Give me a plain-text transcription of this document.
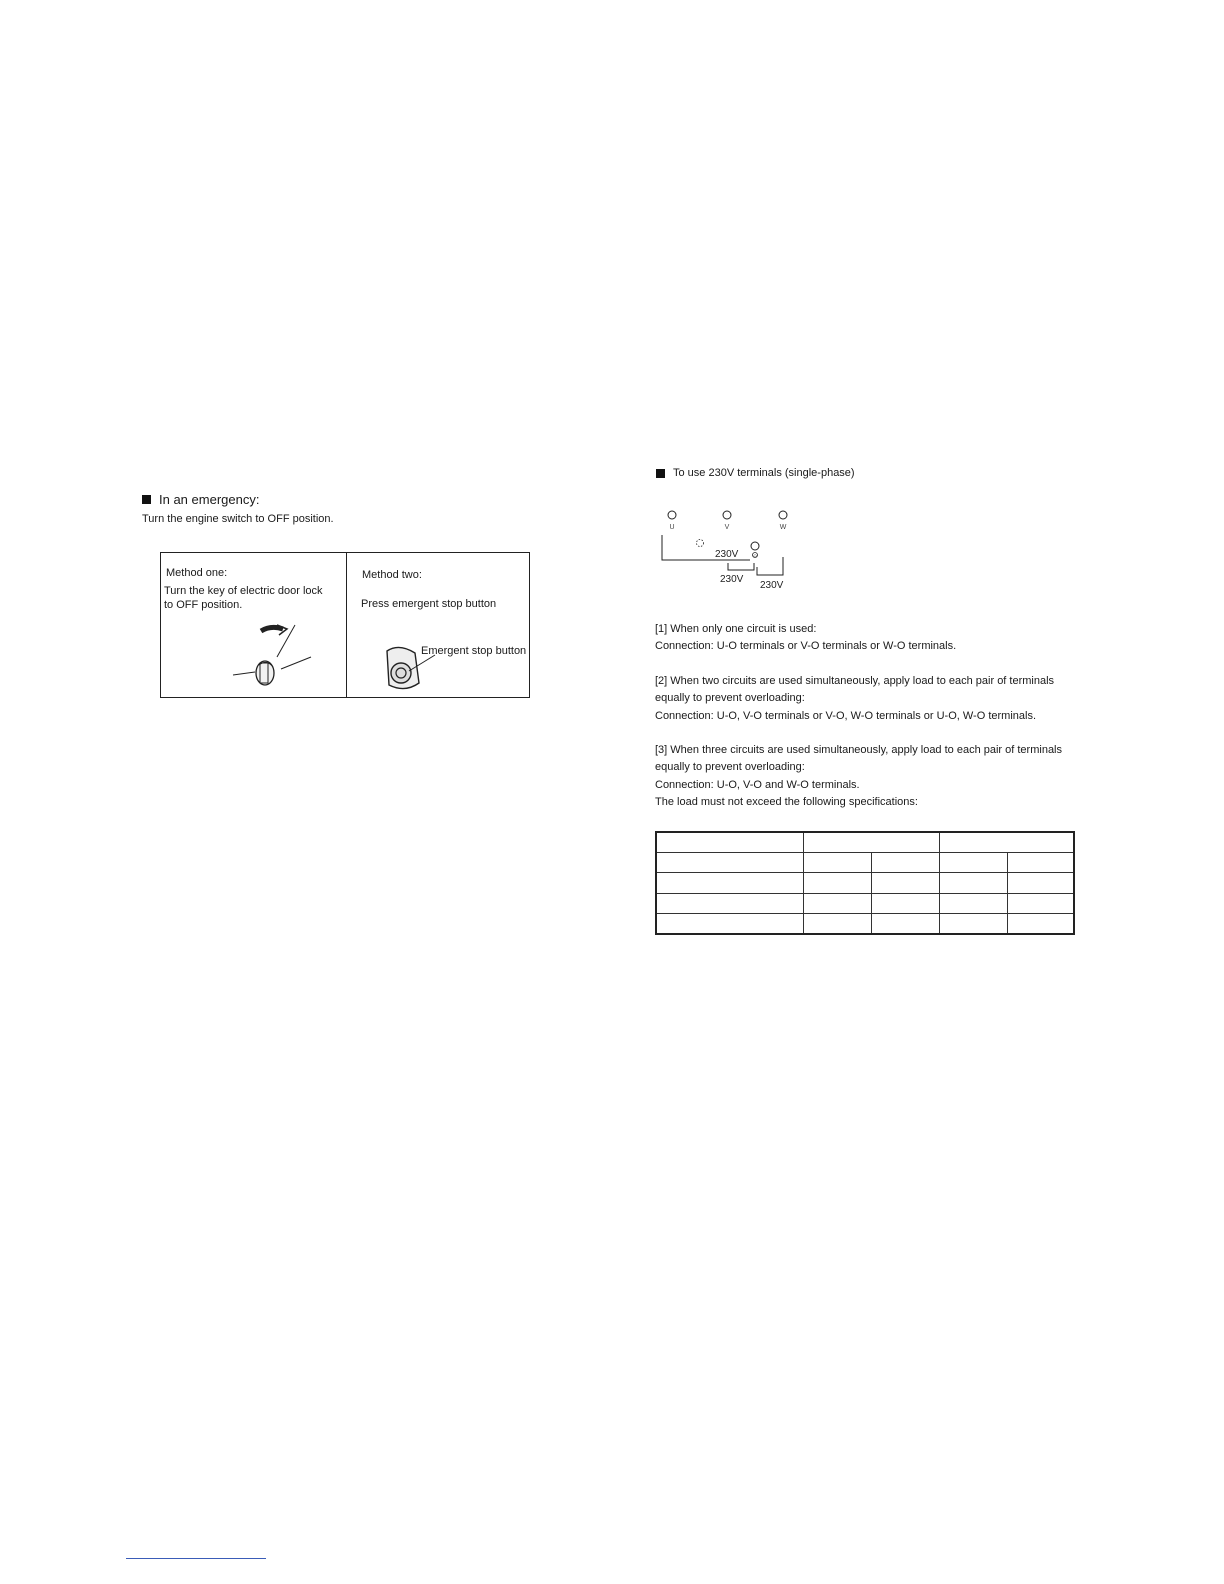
In an emergency:
Turn the engine switch to OFF position.
Method one:
Turn the key of electric door lock
to OFF position.
Method two:
Press emergent stop button
Emergent stop button
To use 230V terminals (single-phase)
U	V	W
O
230V
230V
230V

[1] When only one circuit is used:

Connection: U-O terminals or V-O terminals or W-O terminals.

[2] When two circuits are used simultaneously, apply load to each pair of terminals

equally to prevent overloading:

Connection: U-O, V-O terminals or V-O, W-O terminals or U-O, W-O terminals.

[3] When three circuits are used simultaneously, apply load to each pair of terminals

equally to prevent overloading:

Connection: U-O, V-O and W-O terminals.

The load must not exceed the following specifications:
